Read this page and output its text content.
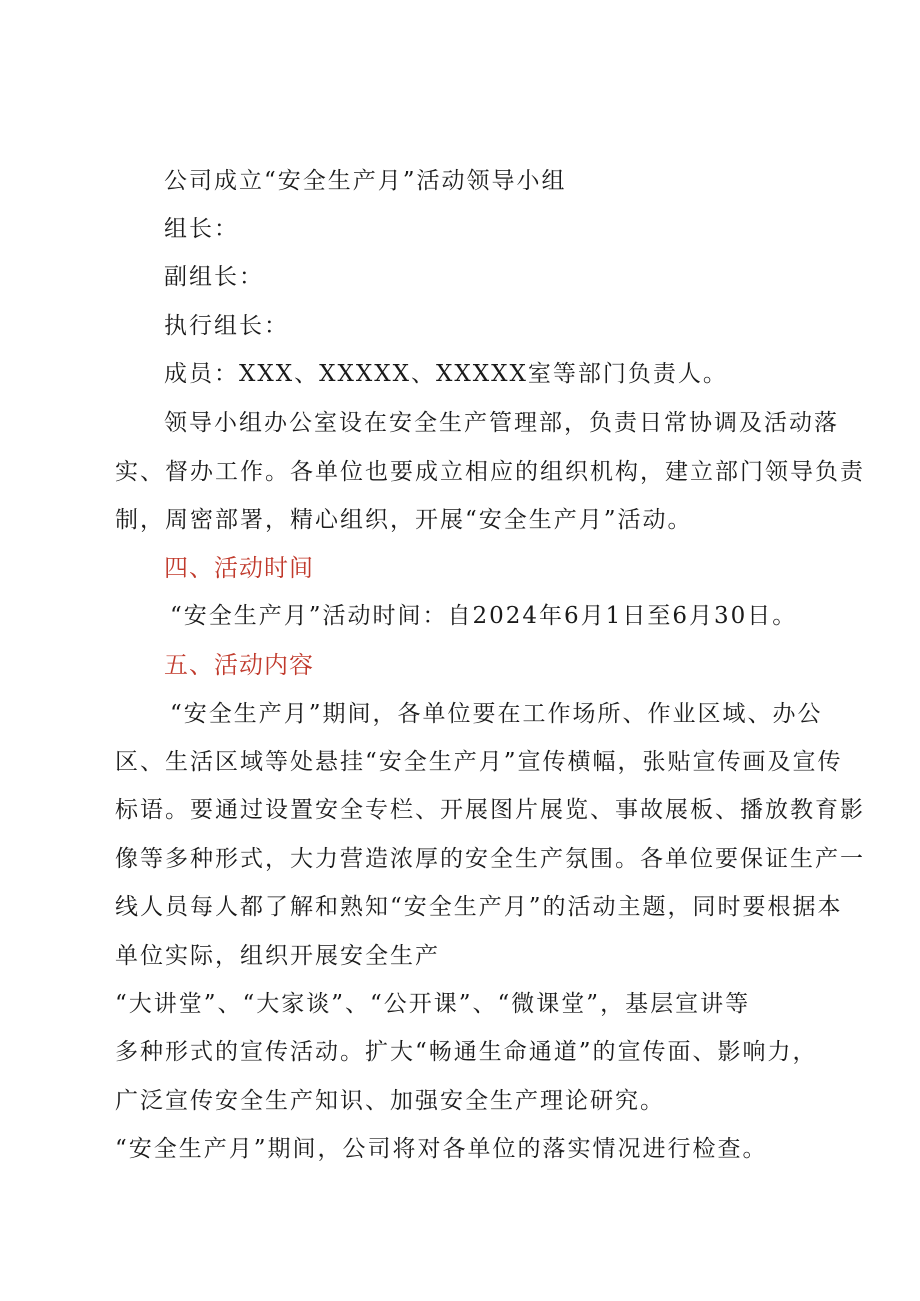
公司成立“安全生产月”活动领导小组
组长：
副组长：
执行组长：
成员：XXX、XXXXX、XXXXX室等部门负责人。
领导小组办公室设在安全生产管理部，负责日常协调及活动落
实、督办工作。各单位也要成立相应的组织机构，建立部门领导负责
制，周密部署，精心组织，开展“安全生产月”活动。
四、活动时间
“安全生产月”活动时间：自2024年6月1日至6月30日。
五、活动内容
“安全生产月”期间，各单位要在工作场所、作业区域、办公
区、生活区域等处悬挂“安全生产月”宣传横幅，张贴宣传画及宣传
标语。要通过设置安全专栏、开展图片展览、事故展板、播放教育影
像等多种形式，大力营造浓厚的安全生产氛围。各单位要保证生产一
线人员每人都了解和熟知“安全生产月”的活动主题，同时要根据本
单位实际，组织开展安全生产
“大讲堂”、“大家谈”、“公开课”、“微课堂”，基层宣讲等
多种形式的宣传活动。扩大“畅通生命通道”的宣传面、影响力，
广泛宣传安全生产知识、加强安全生产理论研究。
“安全生产月”期间，公司将对各单位的落实情况进行检查。
